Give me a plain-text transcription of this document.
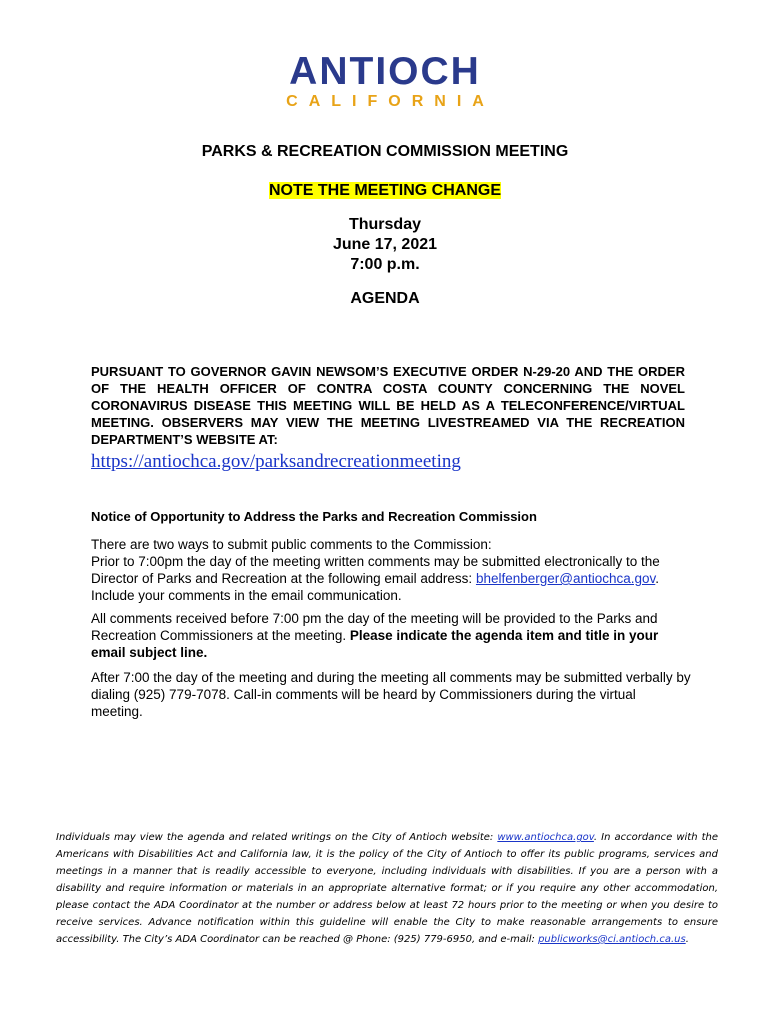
ANTIOCH
CALIFORNIA
PARKS & RECREATION COMMISSION MEETING
NOTE THE MEETING CHANGE
Thursday
June 17, 2021
7:00 p.m.
AGENDA
PURSUANT TO GOVERNOR GAVIN NEWSOM’S EXECUTIVE ORDER N-29-20 AND THE ORDER OF THE HEALTH OFFICER OF CONTRA COSTA COUNTY CONCERNING THE NOVEL CORONAVIRUS DISEASE THIS MEETING WILL BE HELD AS A TELECONFERENCE/VIRTUAL MEETING. OBSERVERS MAY VIEW THE MEETING LIVESTREAMED VIA THE RECREATION DEPARTMENT’S WEBSITE AT:
https://antiochca.gov/parksandrecreationmeeting
Notice of Opportunity to Address the Parks and Recreation Commission
There are two ways to submit public comments to the Commission:
Prior to 7:00pm the day of the meeting written comments may be submitted electronically to the Director of Parks and Recreation at the following email address: bhelfenberger@antiochca.gov. Include your comments in the email communication.
All comments received before 7:00 pm the day of the meeting will be provided to the Parks and Recreation Commissioners at the meeting. Please indicate the agenda item and title in your email subject line.
After 7:00 the day of the meeting and during the meeting all comments may be submitted verbally by dialing (925) 779-7078. Call-in comments will be heard by Commissioners during the virtual meeting.
Individuals may view the agenda and related writings on the City of Antioch website: www.antiochca.gov. In accordance with the Americans with Disabilities Act and California law, it is the policy of the City of Antioch to offer its public programs, services and meetings in a manner that is readily accessible to everyone, including individuals with disabilities. If you are a person with a disability and require information or materials in an appropriate alternative format; or if you require any other accommodation, please contact the ADA Coordinator at the number or address below at least 72 hours prior to the meeting or when you desire to receive services. Advance notification within this guideline will enable the City to make reasonable arrangements to ensure accessibility. The City’s ADA Coordinator can be reached @ Phone: (925) 779-6950, and e-mail: publicworks@ci.antioch.ca.us.
